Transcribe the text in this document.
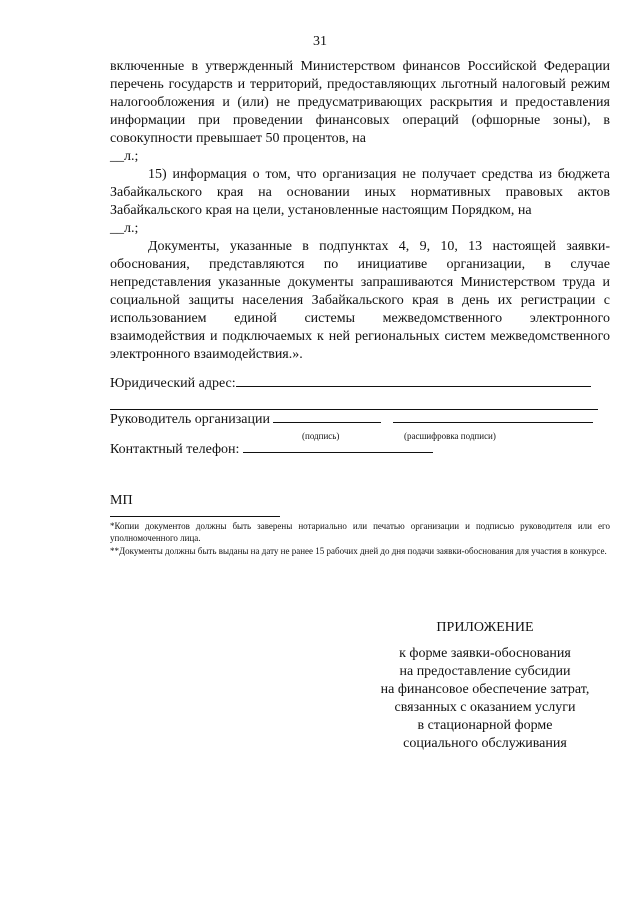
31

включенные в утвержденный Министерством финансов Российской Федерации перечень государств и территорий, предоставляющих льготный налоговый режим налогообложения и (или) не предусматривающих раскрытия и предоставления информации при проведении финансовых операций (офшорные зоны), в совокупности превышает 50 процентов, на

__л.;

15) информация о том, что организация не получает средства из бюджета Забайкальского края на основании иных нормативных правовых актов Забайкальского края на цели, установленные настоящим Порядком, на

__л.;

Документы, указанные в подпунктах 4, 9, 10, 13 настоящей заявки-обоснования, представляются по инициативе организации, в случае непредставления указанные документы запрашиваются Министерством труда и социальной защиты населения Забайкальского края в день их регистрации с использованием единой системы межведомственного электронного взаимодействия и подключаемых к ней региональных систем межведомственного электронного взаимодействия.».

Юридический адрес:
Руководитель организации
(подпись)	(расшифровка подписи)
Контактный телефон:
МП
*Копии документов должны быть заверены нотариально или печатью организации и подписью руководителя или его уполномоченного лица.
**Документы должны быть выданы на дату не ранее 15 рабочих дней до дня подачи заявки-обоснования для участия в конкурсе.
ПРИЛОЖЕНИЕ
к форме заявки-обоснования
на предоставление субсидии
на финансовое обеспечение затрат,
связанных с оказанием услуги
в стационарной форме
социального обслуживания
